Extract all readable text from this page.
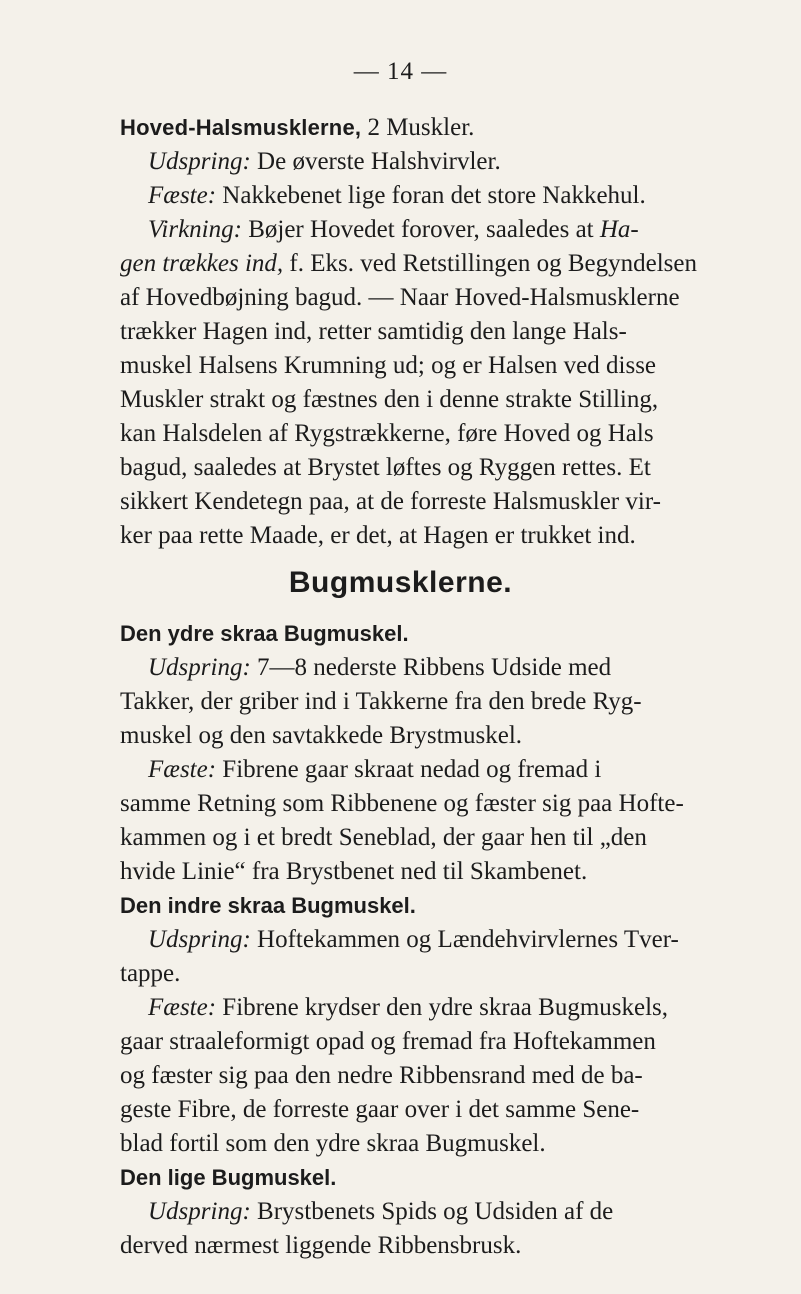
— 14 —
Hoved-Halsmusklerne, 2 Muskler.
Udspring: De øverste Halshvirvler.
Fæste: Nakkebenet lige foran det store Nakkehul.
Virkning: Bøjer Hovedet forover, saaledes at Ha-
gen trækkes ind, f. Eks. ved Retstillingen og Begyndelsen
af Hovedbøjning bagud. — Naar Hoved-Halsmusklerne
trækker Hagen ind, retter samtidig den lange Hals-
muskel Halsens Krumning ud; og er Halsen ved disse
Muskler strakt og fæstnes den i denne strakte Stilling,
kan Halsdelen af Rygstrækkerne, føre Hoved og Hals
bagud, saaledes at Brystet løftes og Ryggen rettes. Et
sikkert Kendetegn paa, at de forreste Halsmuskler vir-
ker paa rette Maade, er det, at Hagen er trukket ind.
Bugmusklerne.
Den ydre skraa Bugmuskel.
Udspring: 7—8 nederste Ribbens Udside med
Takker, der griber ind i Takkerne fra den brede Ryg-
muskel og den savtakkede Brystmuskel.
Fæste: Fibrene gaar skraat nedad og fremad i
samme Retning som Ribbenene og fæster sig paa Hofte-
kammen og i et bredt Seneblad, der gaar hen til „den
hvide Linie“ fra Brystbenet ned til Skambenet.
Den indre skraa Bugmuskel.
Udspring: Hoftekammen og Lændehvirvlernes Tver-
tappe.
Fæste: Fibrene krydser den ydre skraa Bugmuskels,
gaar straaleformigt opad og fremad fra Hoftekammen
og fæster sig paa den nedre Ribbensrand med de ba-
geste Fibre, de forreste gaar over i det samme Sene-
blad fortil som den ydre skraa Bugmuskel.
Den lige Bugmuskel.
Udspring: Brystbenets Spids og Udsiden af de
derved nærmest liggende Ribbensbrusk.
